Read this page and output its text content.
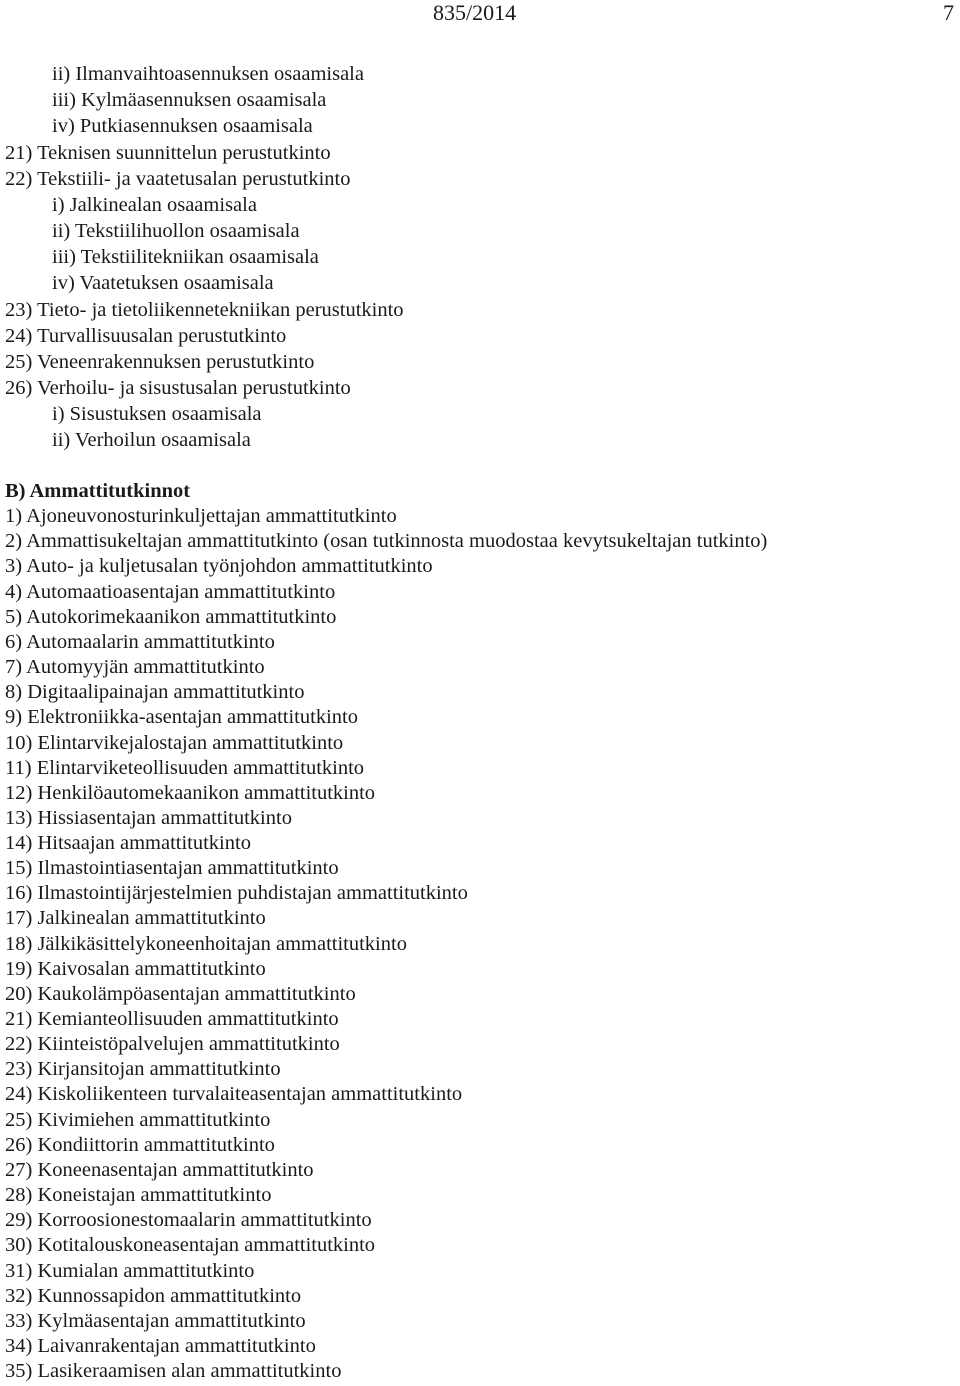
835/2014	7
ii) Ilmanvaihtoasennuksen osaamisala
iii) Kylmäasennuksen osaamisala
iv) Putkiasennuksen osaamisala
21) Teknisen suunnittelun perustutkinto
22) Tekstiili- ja vaatetusalan perustutkinto
i) Jalkinealan osaamisala
ii) Tekstiilihuollon osaamisala
iii) Tekstiilitekniikan osaamisala
iv) Vaatetuksen osaamisala
23) Tieto- ja tietoliikennetekniikan perustutkinto
24) Turvallisuusalan perustutkinto
25) Veneenrakennuksen perustutkinto
26) Verhoilu- ja sisustusalan perustutkinto
i) Sisustuksen osaamisala
ii) Verhoilun osaamisala
B) Ammattitutkinnot
1) Ajoneuvonosturinkuljettajan ammattitutkinto
2) Ammattisukeltajan ammattitutkinto (osan tutkinnosta muodostaa kevytsukeltajan tutkinto)
3) Auto- ja kuljetusalan työnjohdon ammattitutkinto
4) Automaatioasentajan ammattitutkinto
5) Autokorimekaanikon ammattitutkinto
6) Automaalarin ammattitutkinto
7) Automyyjän ammattitutkinto
8) Digitaalipainajan ammattitutkinto
9) Elektroniikka-asentajan ammattitutkinto
10) Elintarvikejalostajan ammattitutkinto
11) Elintarviketeollisuuden ammattitutkinto
12) Henkilöautomekaanikon ammattitutkinto
13) Hissiasentajan ammattitutkinto
14) Hitsaajan ammattitutkinto
15) Ilmastointiasentajan ammattitutkinto
16) Ilmastointijärjestelmien puhdistajan ammattitutkinto
17) Jalkinealan ammattitutkinto
18) Jälkikäsittelykoneenhoitajan ammattitutkinto
19) Kaivosalan ammattitutkinto
20) Kaukolämpöasentajan ammattitutkinto
21) Kemianteollisuuden ammattitutkinto
22) Kiinteistöpalvelujen ammattitutkinto
23) Kirjansitojan ammattitutkinto
24) Kiskoliikenteen turvalaiteasentajan ammattitutkinto
25) Kivimiehen ammattitutkinto
26) Kondiittorin ammattitutkinto
27) Koneenasentajan ammattitutkinto
28) Koneistajan ammattitutkinto
29) Korroosionestomaalarin ammattitutkinto
30) Kotitalouskoneasentajan ammattitutkinto
31) Kumialan ammattitutkinto
32) Kunnossapidon ammattitutkinto
33) Kylmäasentajan ammattitutkinto
34) Laivanrakentajan ammattitutkinto
35) Lasikeraamisen alan ammattitutkinto
